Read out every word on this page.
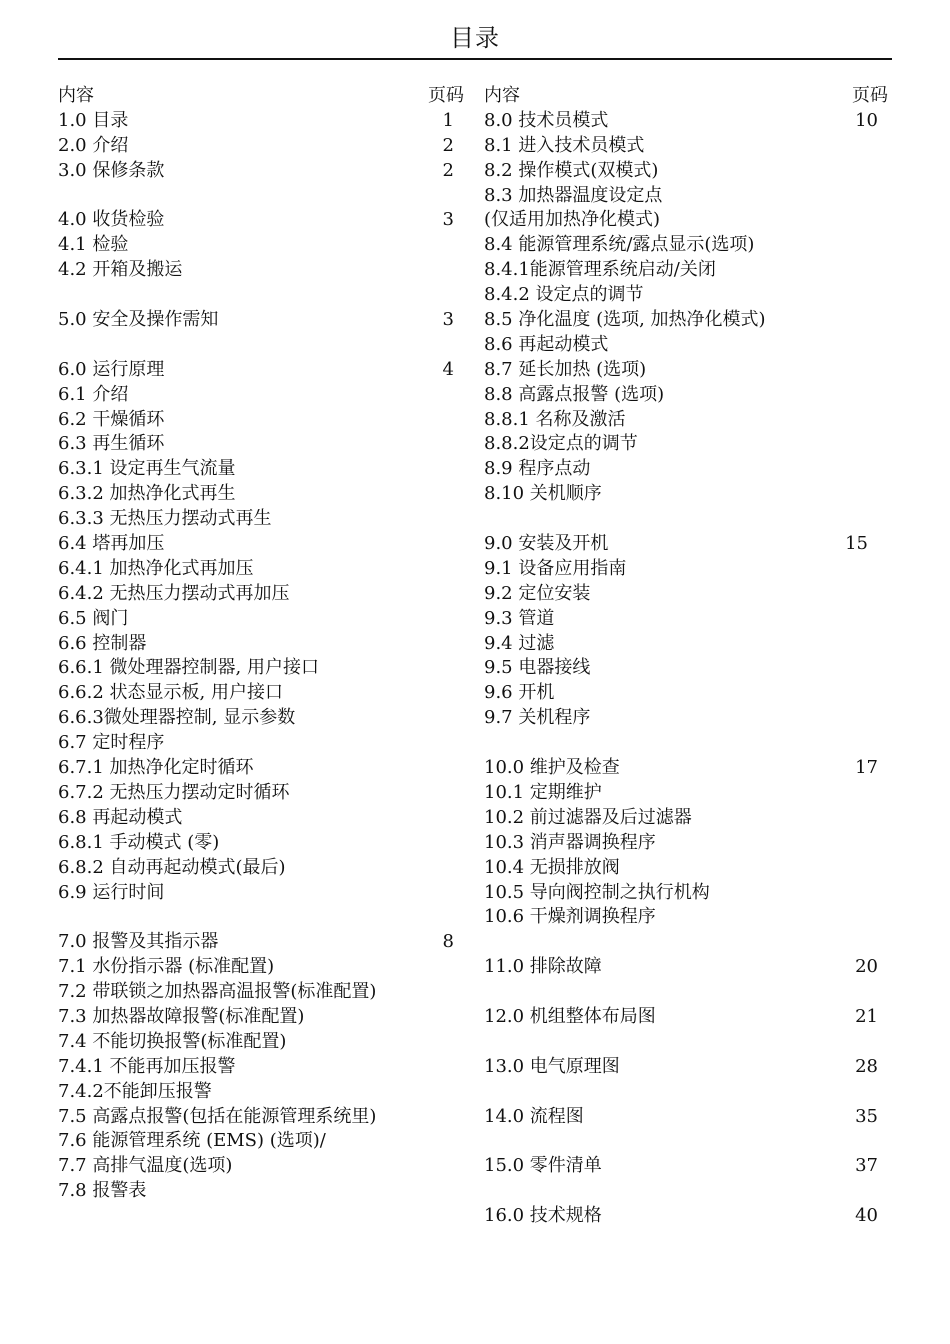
目录
内容	页码
1.0 目录	1
2.0 介绍	2
3.0 保修条款	2
4.0 收货检验	3
4.1 检验
4.2 开箱及搬运
5.0 安全及操作需知	3
6.0 运行原理	4
6.1 介绍
6.2 干燥循环
6.3 再生循环
6.3.1 设定再生气流量
6.3.2 加热净化式再生
6.3.3 无热压力摆动式再生
6.4 塔再加压
6.4.1 加热净化式再加压
6.4.2 无热压力摆动式再加压
6.5 阀门
6.6 控制器
6.6.1 微处理器控制器, 用户接口
6.6.2 状态显示板, 用户接口
6.6.3微处理器控制, 显示参数
6.7 定时程序
6.7.1 加热净化定时循环
6.7.2 无热压力摆动定时循环
6.8 再起动模式
6.8.1 手动模式 (零)
6.8.2 自动再起动模式(最后)
6.9 运行时间
7.0 报警及其指示器	8
7.1 水份指示器 (标准配置)
7.2 带联锁之加热器高温报警(标准配置)
7.3 加热器故障报警(标准配置)
7.4 不能切换报警(标准配置)
7.4.1 不能再加压报警
7.4.2不能卸压报警
7.5 高露点报警(包括在能源管理系统里)
7.6 能源管理系统 (EMS) (选项)/
7.7 高排气温度(选项)
7.8 报警表
内容	页码
8.0 技术员模式	10
8.1 进入技术员模式
8.2 操作模式(双模式)
8.3 加热器温度设定点
(仅适用加热净化模式)
8.4 能源管理系统/露点显示(选项)
8.4.1能源管理系统启动/关闭
8.4.2 设定点的调节
8.5 净化温度 (选项, 加热净化模式)
8.6 再起动模式
8.7 延长加热 (选项)
8.8 高露点报警 (选项)
8.8.1 名称及激活
8.8.2设定点的调节
8.9 程序点动
8.10 关机顺序
9.0 安装及开机	15
9.1 设备应用指南
9.2 定位安装
9.3 管道
9.4 过滤
9.5 电器接线
9.6 开机
9.7 关机程序
10.0 维护及检查	17
10.1 定期维护
10.2 前过滤器及后过滤器
10.3 消声器调换程序
10.4 无损排放阀
10.5 导向阀控制之执行机构
10.6 干燥剂调换程序
11.0 排除故障	20
12.0 机组整体布局图	21
13.0 电气原理图	28
14.0 流程图	35
15.0 零件清单	37
16.0 技术规格	40
